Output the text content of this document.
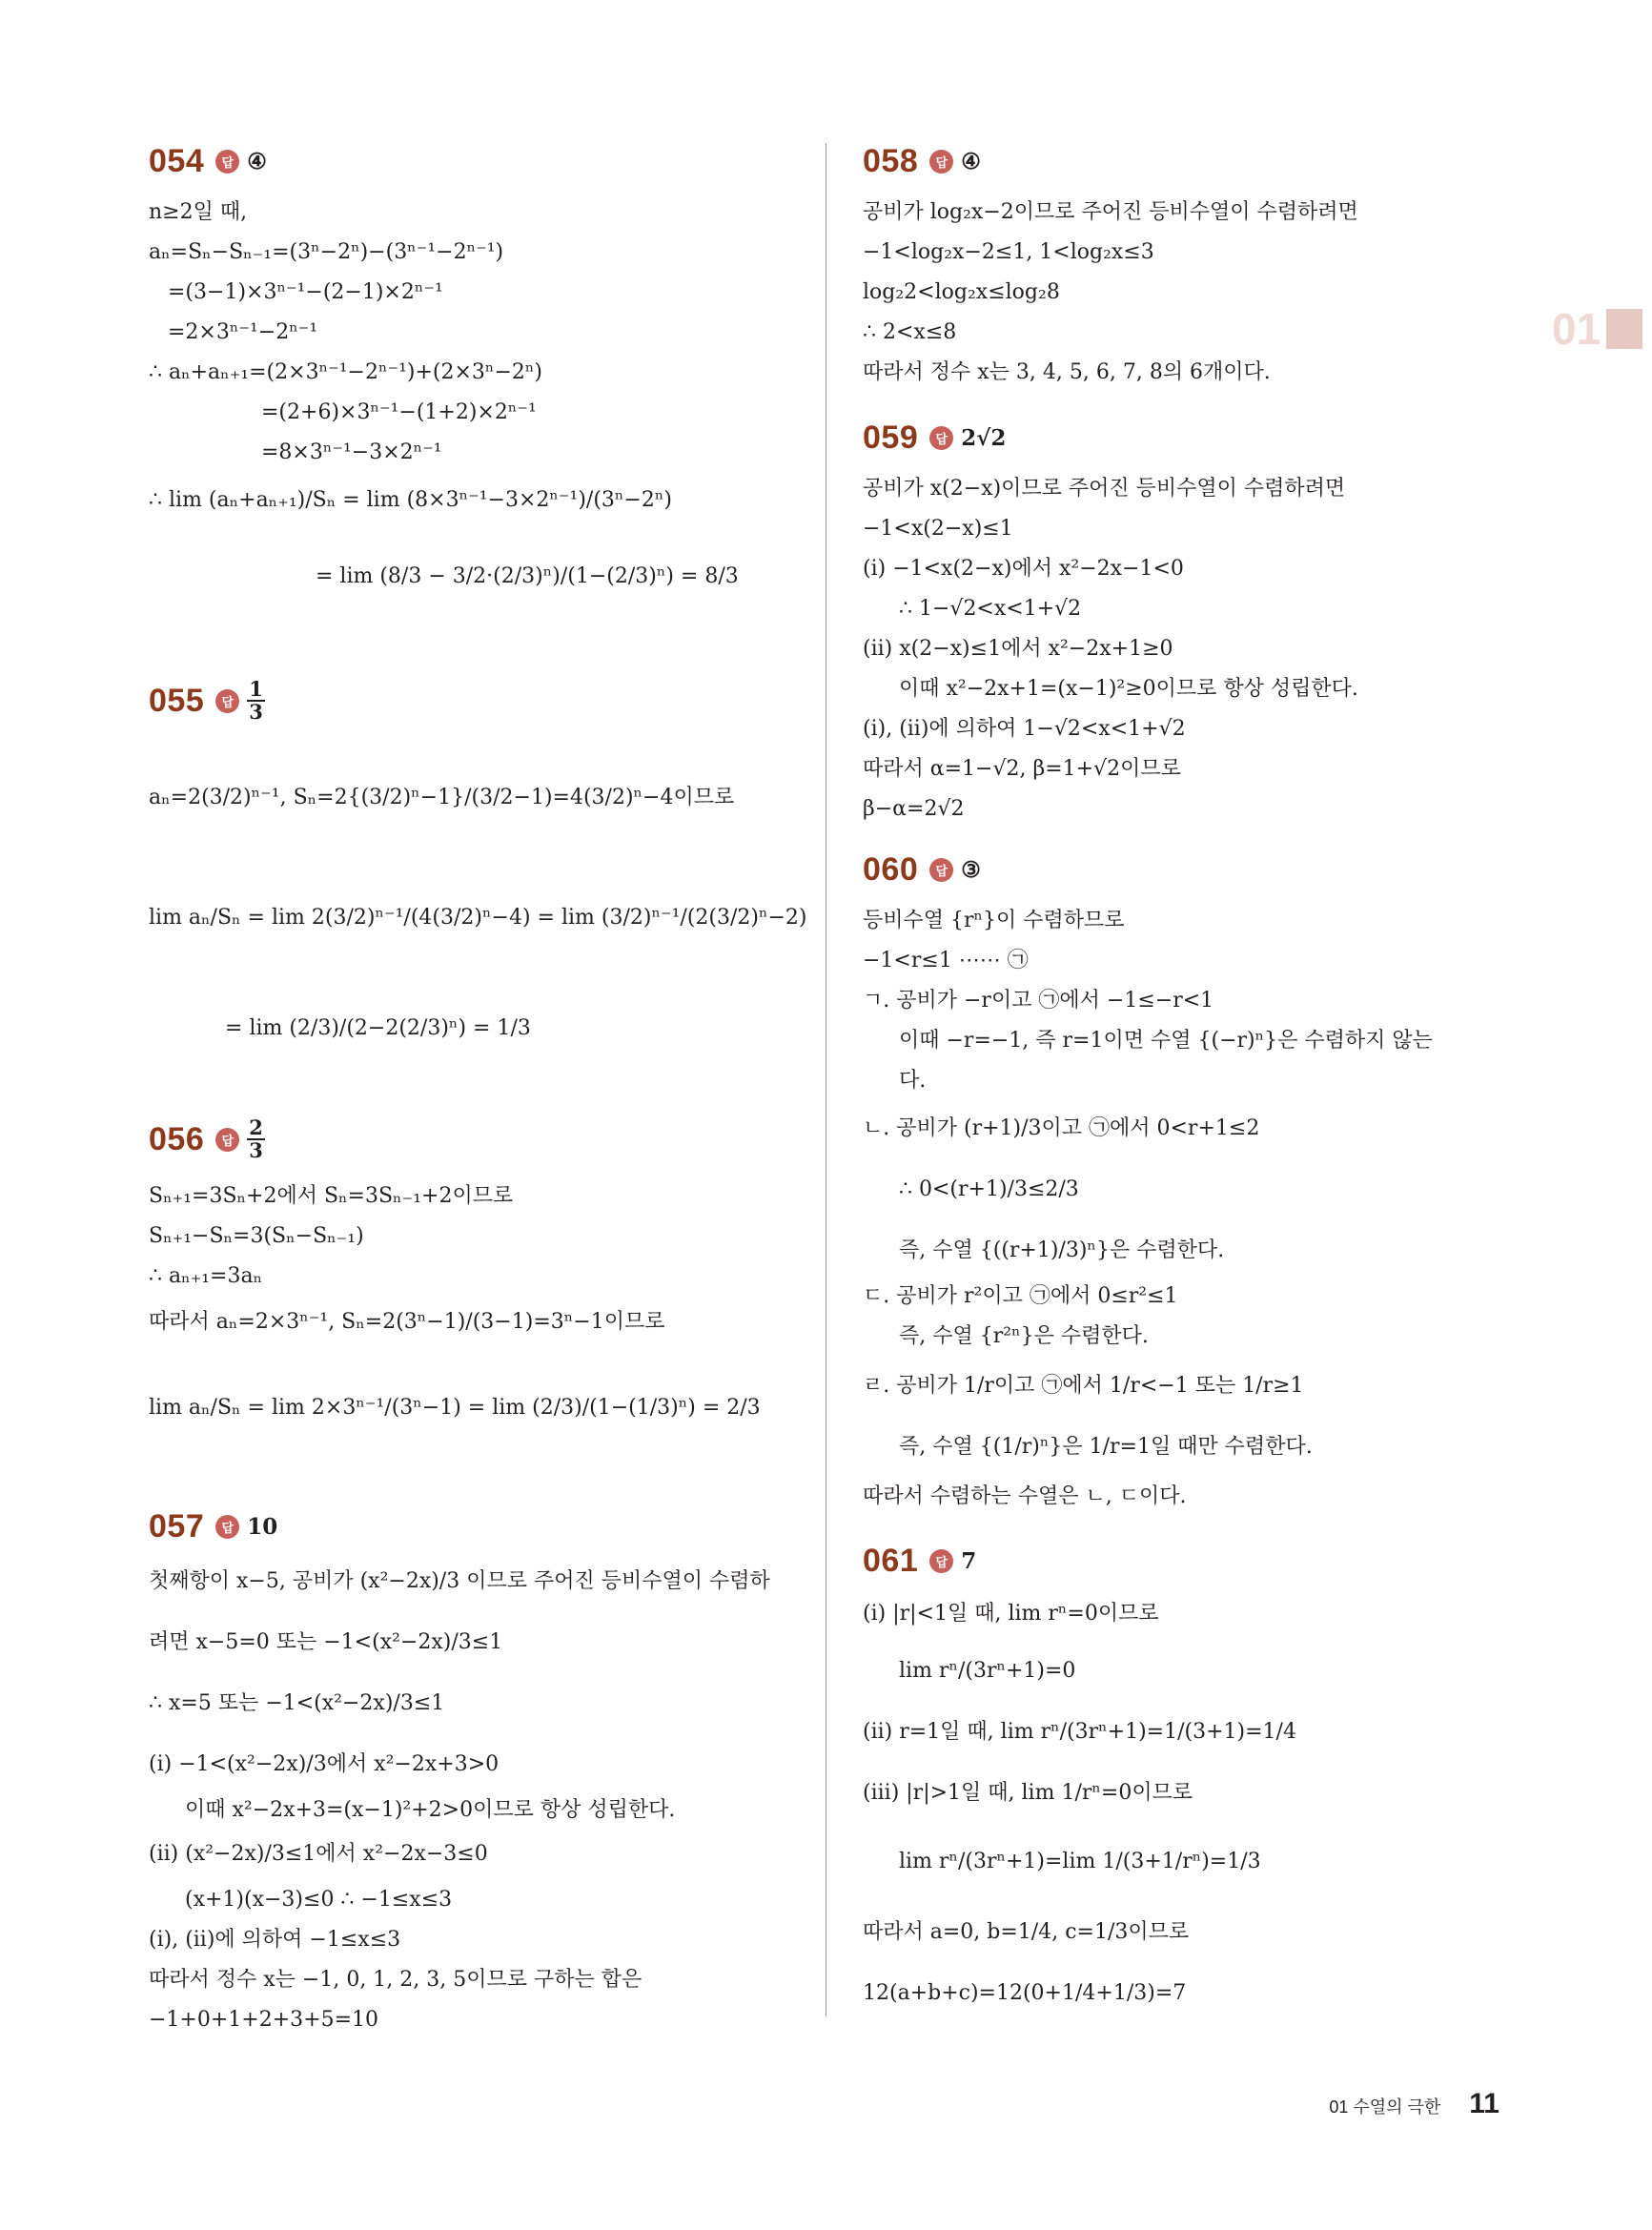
01
054	답 ④
n≥2일 때,
aₙ=Sₙ−Sₙ₋₁=(3ⁿ−2ⁿ)−(3ⁿ⁻¹−2ⁿ⁻¹)
=(3−1)×3ⁿ⁻¹−(2−1)×2ⁿ⁻¹
=2×3ⁿ⁻¹−2ⁿ⁻¹
∴ aₙ+aₙ₊₁=(2×3ⁿ⁻¹−2ⁿ⁻¹)+(2×3ⁿ−2ⁿ)
=(2+6)×3ⁿ⁻¹−(1+2)×2ⁿ⁻¹
=8×3ⁿ⁻¹−3×2ⁿ⁻¹
∴ lim (aₙ+aₙ₊₁)/Sₙ = lim (8×3ⁿ⁻¹−3×2ⁿ⁻¹)/(3ⁿ−2ⁿ)
= lim (8/3 − 3/2·(2/3)ⁿ)/(1−(2/3)ⁿ) = 8/3
055	답 $\frac{1}{3}$
aₙ=2(3/2)ⁿ⁻¹, Sₙ=2{(3/2)ⁿ−1}/(3/2−1)=4(3/2)ⁿ−4이므로
lim aₙ/Sₙ = lim 2(3/2)ⁿ⁻¹/(4(3/2)ⁿ−4) = lim (3/2)ⁿ⁻¹/(2(3/2)ⁿ−2)
= lim (2/3)/(2−2(2/3)ⁿ) = 1/3
056	답 $\frac{2}{3}$
Sₙ₊₁=3Sₙ+2에서 Sₙ=3Sₙ₋₁+2이므로
Sₙ₊₁−Sₙ=3(Sₙ−Sₙ₋₁)
∴ aₙ₊₁=3aₙ
따라서 aₙ=2×3ⁿ⁻¹, Sₙ=2(3ⁿ−1)/(3−1)=3ⁿ−1이므로
lim aₙ/Sₙ = lim 2×3ⁿ⁻¹/(3ⁿ−1) = lim (2/3)/(1−(1/3)ⁿ) = 2/3
057	답 10
첫째항이 x−5, 공비가 (x²−2x)/3 이므로 주어진 등비수열이 수렴하
려면 x−5=0 또는 −1<(x²−2x)/3≤1
∴ x=5 또는 −1<(x²−2x)/3≤1
(i) −1<(x²−2x)/3에서 x²−2x+3>0
이때 x²−2x+3=(x−1)²+2>0이므로 항상 성립한다.
(ii) (x²−2x)/3≤1에서 x²−2x−3≤0
(x+1)(x−3)≤0 ∴ −1≤x≤3
(i), (ii)에 의하여 −1≤x≤3
따라서 정수 x는 −1, 0, 1, 2, 3, 5이므로 구하는 합은
−1+0+1+2+3+5=10
058	답 ④
공비가 log₂x−2이므로 주어진 등비수열이 수렴하려면
−1<log₂x−2≤1, 1<log₂x≤3
log₂2<log₂x≤log₂8
∴ 2<x≤8
따라서 정수 x는 3, 4, 5, 6, 7, 8의 6개이다.
059	답 2√2
공비가 x(2−x)이므로 주어진 등비수열이 수렴하려면
−1<x(2−x)≤1
(i) −1<x(2−x)에서 x²−2x−1<0
∴ 1−√2<x<1+√2
(ii) x(2−x)≤1에서 x²−2x+1≥0
이때 x²−2x+1=(x−1)²≥0이므로 항상 성립한다.
(i), (ii)에 의하여 1−√2<x<1+√2
따라서 α=1−√2, β=1+√2이므로
β−α=2√2
060	답 ③
등비수열 {rⁿ}이 수렴하므로
−1<r≤1 ⋯⋯ ㉠
ㄱ. 공비가 −r이고 ㉠에서 −1≤−r<1
이때 −r=−1, 즉 r=1이면 수열 {(−r)ⁿ}은 수렴하지 않는
다.
ㄴ. 공비가 (r+1)/3이고 ㉠에서 0<r+1≤2
∴ 0<(r+1)/3≤2/3
즉, 수열 {((r+1)/3)ⁿ}은 수렴한다.
ㄷ. 공비가 r²이고 ㉠에서 0≤r²≤1
즉, 수열 {r²ⁿ}은 수렴한다.
ㄹ. 공비가 1/r이고 ㉠에서 1/r<−1 또는 1/r≥1
즉, 수열 {(1/r)ⁿ}은 1/r=1일 때만 수렴한다.
따라서 수렴하는 수열은 ㄴ, ㄷ이다.
061	답 7
(i) |r|<1일 때, lim rⁿ=0이므로
lim rⁿ/(3rⁿ+1)=0
(ii) r=1일 때, lim rⁿ/(3rⁿ+1)=1/(3+1)=1/4
(iii) |r|>1일 때, lim 1/rⁿ=0이므로
lim rⁿ/(3rⁿ+1)=lim 1/(3+1/rⁿ)=1/3
따라서 a=0, b=1/4, c=1/3이므로
12(a+b+c)=12(0+1/4+1/3)=7
01 수열의 극한 11
